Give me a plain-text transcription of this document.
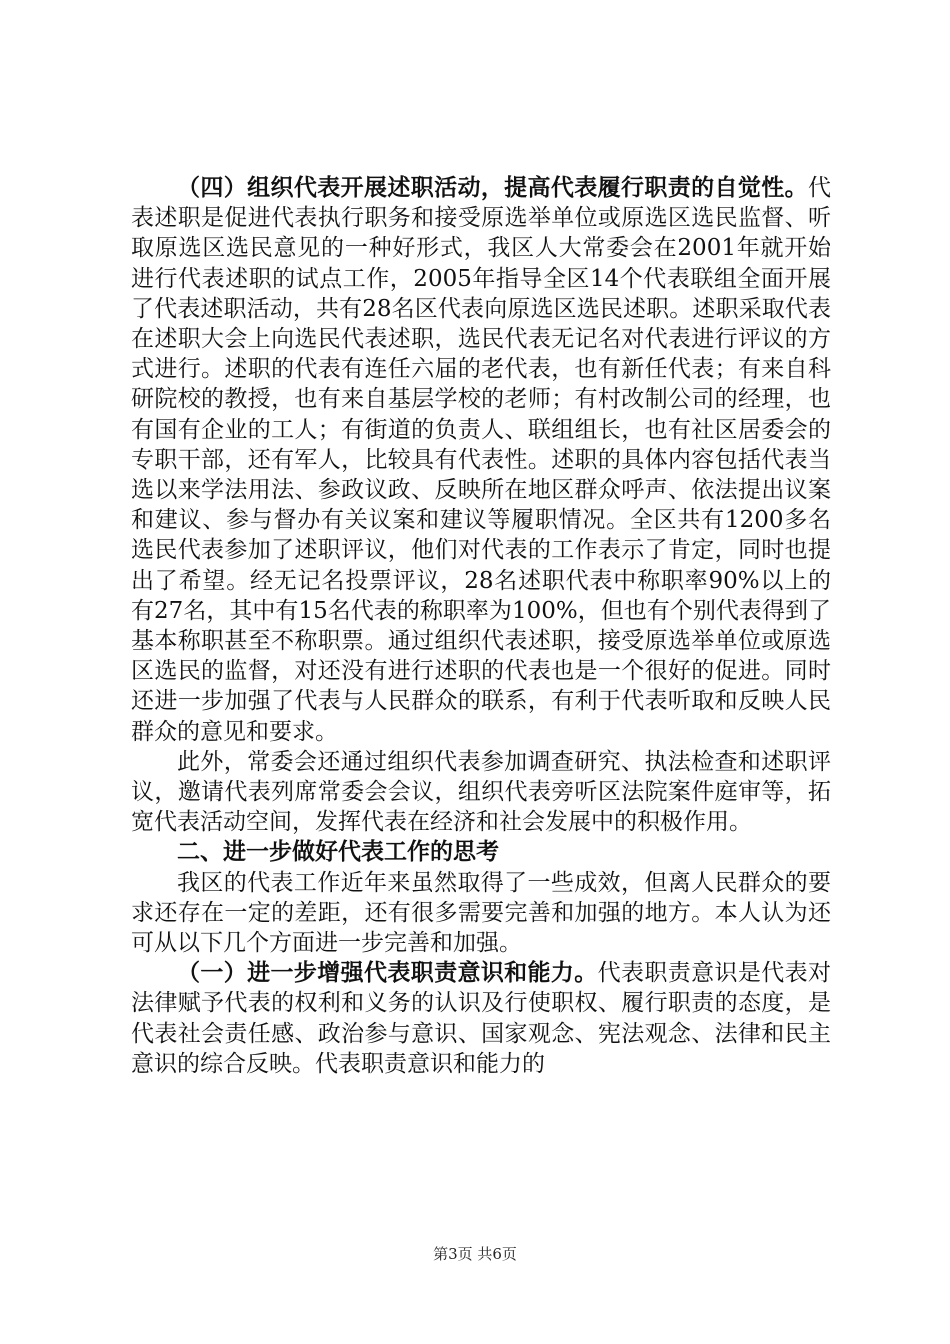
（四）组织代表开展述职活动，提高代表履行职责的自觉性。代表述职是促进代表执行职务和接受原选举单位或原选区选民监督、听取原选区选民意见的一种好形式，我区人大常委会在2001年就开始进行代表述职的试点工作，2005年指导全区14个代表联组全面开展了代表述职活动，共有28名区代表向原选区选民述职。述职采取代表在述职大会上向选民代表述职，选民代表无记名对代表进行评议的方式进行。述职的代表有连任六届的老代表，也有新任代表；有来自科研院校的教授，也有来自基层学校的老师；有村改制公司的经理，也有国有企业的工人；有街道的负责人、联组组长，也有社区居委会的专职干部，还有军人，比较具有代表性。述职的具体内容包括代表当选以来学法用法、参政议政、反映所在地区群众呼声、依法提出议案和建议、参与督办有关议案和建议等履职情况。全区共有1200多名选民代表参加了述职评议，他们对代表的工作表示了肯定，同时也提出了希望。经无记名投票评议，28名述职代表中称职率90%以上的有27名，其中有15名代表的称职率为100%，但也有个别代表得到了基本称职甚至不称职票。通过组织代表述职，接受原选举单位或原选区选民的监督，对还没有进行述职的代表也是一个很好的促进。同时还进一步加强了代表与人民群众的联系，有利于代表听取和反映人民群众的意见和要求。

此外，常委会还通过组织代表参加调查研究、执法检查和述职评议，邀请代表列席常委会会议，组织代表旁听区法院案件庭审等，拓宽代表活动空间，发挥代表在经济和社会发展中的积极作用。

二、进一步做好代表工作的思考

我区的代表工作近年来虽然取得了一些成效，但离人民群众的要求还存在一定的差距，还有很多需要完善和加强的地方。本人认为还可从以下几个方面进一步完善和加强。

（一）进一步增强代表职责意识和能力。代表职责意识是代表对法律赋予代表的权利和义务的认识及行使职权、履行职责的态度，是代表社会责任感、政治参与意识、国家观念、宪法观念、法律和民主意识的综合反映。代表职责意识和能力的

第3页 共6页
